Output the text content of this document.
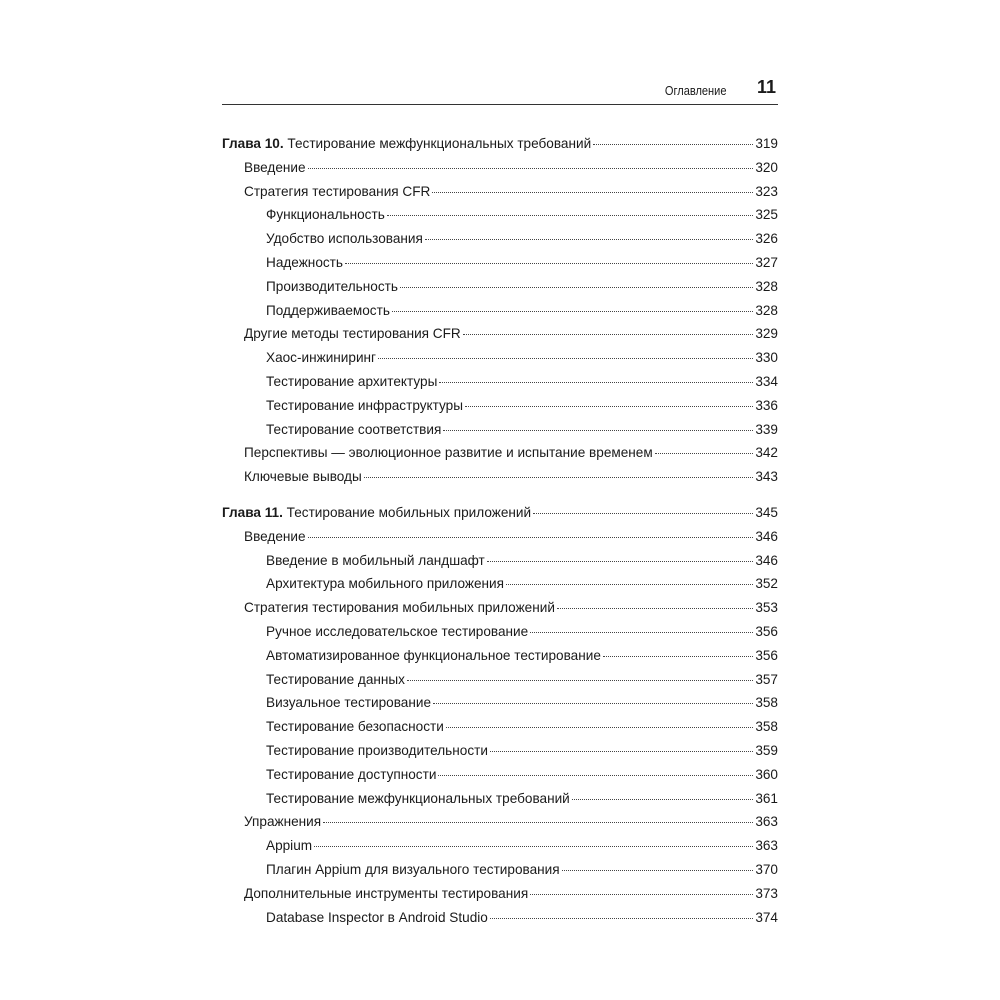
Оглавление 11
Глава 10. Тестирование межфункциональных требований	319
Введение	320
Стратегия тестирования CFR	323
Функциональность	325
Удобство использования	326
Надежность	327
Производительность	328
Поддерживаемость	328
Другие методы тестирования CFR	329
Хаос-инжиниринг	330
Тестирование архитектуры	334
Тестирование инфраструктуры	336
Тестирование соответствия	339
Перспективы — эволюционное развитие и испытание временем	342
Ключевые выводы	343
Глава 11. Тестирование мобильных приложений	345
Введение	346
Введение в мобильный ландшафт	346
Архитектура мобильного приложения	352
Стратегия тестирования мобильных приложений	353
Ручное исследовательское тестирование	356
Автоматизированное функциональное тестирование	356
Тестирование данных	357
Визуальное тестирование	358
Тестирование безопасности	358
Тестирование производительности	359
Тестирование доступности	360
Тестирование межфункциональных требований	361
Упражнения	363
Appium	363
Плагин Appium для визуального тестирования	370
Дополнительные инструменты тестирования	373
Database Inspector в Android Studio	374
